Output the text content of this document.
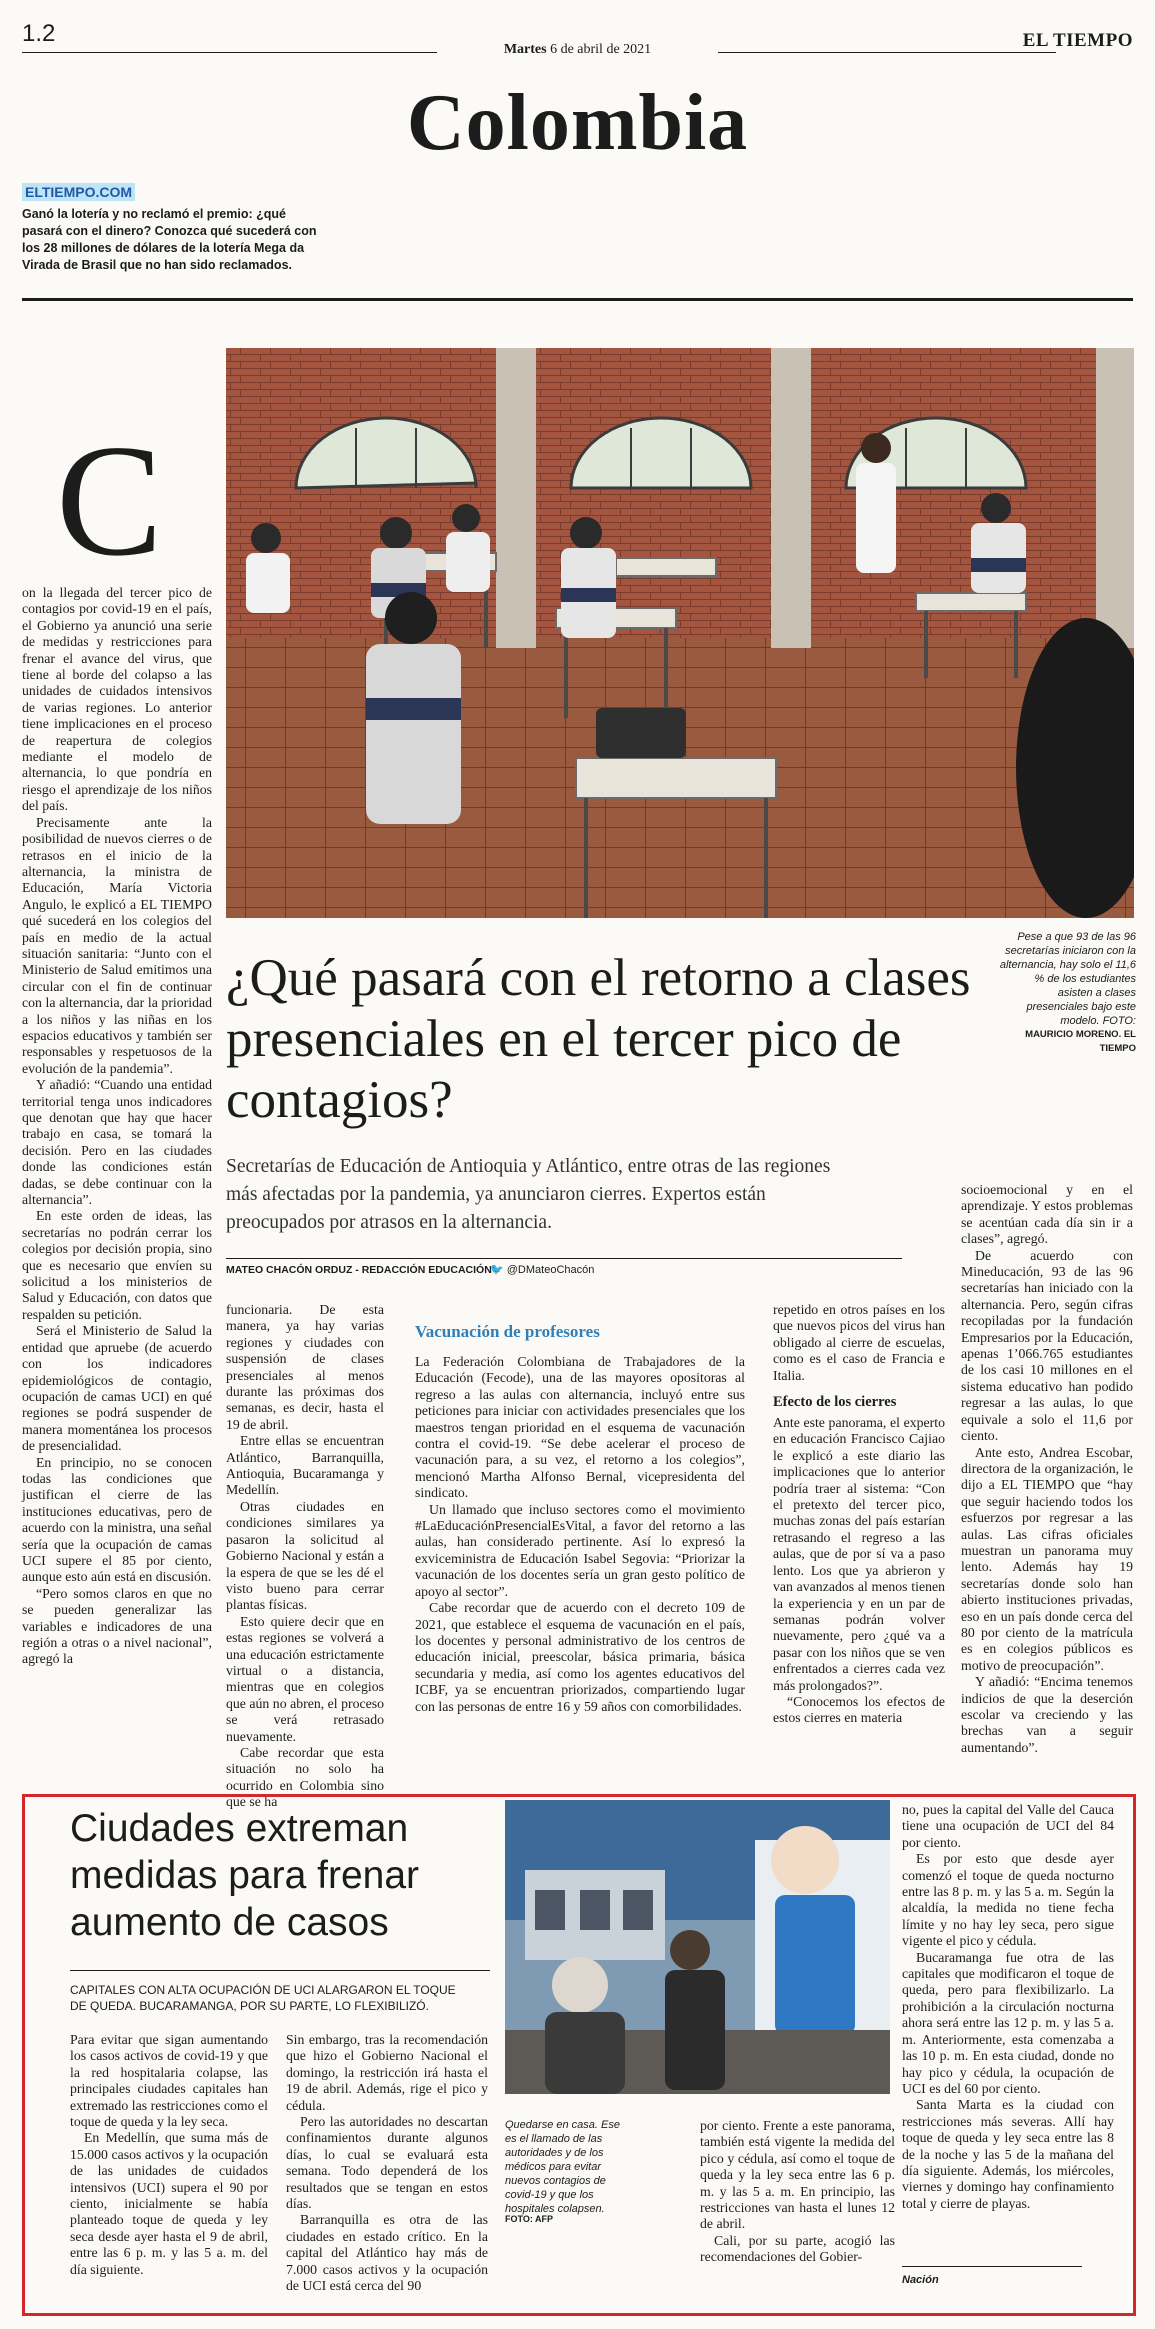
1.2
Martes 6 de abril de 2021	EL TIEMPO
Colombia
ELTIEMPO.COM
Ganó la lotería y no reclamó el premio: ¿qué pasará con el dinero? Conozca qué sucederá con los 28 millones de dólares de la lotería Mega da Virada de Brasil que no han sido reclamados.
Pese a que 93 de las 96 secretarías iniciaron con la alternancia, hay solo el 11,6 % de los estudiantes asisten a clases presenciales bajo este modelo. FOTO:
MAURICIO MORENO. EL TIEMPO
C

on la llegada del tercer pico de contagios por covid-19 en el país, el Gobierno ya anunció una serie de medidas y restricciones para frenar el avance del virus, que tiene al borde del colapso a las unidades de cuidados intensivos de varias regiones. Lo anterior tiene implicaciones en el proceso de reapertura de colegios mediante el modelo de alternancia, lo que pondría en riesgo el aprendizaje de los niños del país.

Precisamente ante la posibilidad de nuevos cierres o de retrasos en el inicio de la alternancia, la ministra de Educación, María Victoria Angulo, le explicó a EL TIEMPO qué sucederá en los colegios del país en medio de la actual situación sanitaria: “Junto con el Ministerio de Salud emitimos una circular con el fin de continuar con la alternancia, dar la prioridad a los niños y las niñas en los espacios educativos y también ser responsables y respetuosos de la evolución de la pandemia”.

Y añadió: “Cuando una entidad territorial tenga unos indicadores que denotan que hay que hacer trabajo en casa, se tomará la decisión. Pero en las ciudades donde las condiciones están dadas, se debe continuar con la alternancia”.

En este orden de ideas, las secretarías no podrán cerrar los colegios por decisión propia, sino que es necesario que envíen su solicitud a los ministerios de Salud y Educación, con datos que respalden su petición.

Será el Ministerio de Salud la entidad que apruebe (de acuerdo con los indicadores epidemiológicos de contagio, ocupación de camas UCI) en qué regiones se podrá suspender de manera momentánea los procesos de presencialidad.

En principio, no se conocen todas las condiciones que justifican el cierre de las instituciones educativas, pero de acuerdo con la ministra, una señal sería que la ocupación de camas UCI supere el 85 por ciento, aunque esto aún está en discusión.

“Pero somos claros en que no se pueden generalizar las variables e indicadores de una región a otras o a nivel nacional”, agregó la

¿Qué pasará con el retorno a clases presenciales en el tercer pico de contagios?
Secretarías de Educación de Antioquia y Atlántico, entre otras de las regiones más afectadas por la pandemia, ya anunciaron cierres. Expertos están preocupados por atrasos en la alternancia.
MATEO CHACÓN ORDUZ - REDACCIÓN EDUCACIÓN
🐦 @DMateoChacón

funcionaria. De esta manera, ya hay varias regiones y ciudades con suspensión de clases presenciales al menos durante las próximas dos semanas, es decir, hasta el 19 de abril.

Entre ellas se encuentran Atlántico, Barranquilla, Antioquia, Bucaramanga y Medellín.

Otras ciudades en condiciones similares ya pasaron la solicitud al Gobierno Nacional y están a la espera de que se les dé el visto bueno para cerrar plantas físicas.

Esto quiere decir que en estas regiones se volverá a una educación estrictamente virtual o a distancia, mientras que en colegios que aún no abren, el proceso se verá retrasado nuevamente.

Cabe recordar que esta situación no solo ha ocurrido en Colombia sino que se ha

Vacunación de profesores

La Federación Colombiana de Trabajadores de la Educación (Fecode), una de las mayores opositoras al regreso a las aulas con alternancia, incluyó entre sus peticiones para iniciar con actividades presenciales que los maestros tengan prioridad en el esquema de vacunación contra el covid-19. “Se debe acelerar el proceso de vacunación para, a su vez, el retorno a los colegios”, mencionó Martha Alfonso Bernal, vicepresidenta del sindicato.

Un llamado que incluso sectores como el movimiento #LaEducaciónPresencialEsVital, a favor del retorno a las aulas, han considerado pertinente. Así lo expresó la exviceministra de Educación Isabel Segovia: “Priorizar la vacunación de los docentes sería un gran gesto político de apoyo al sector”.

Cabe recordar que de acuerdo con el decreto 109 de 2021, que establece el esquema de vacunación en el país, los docentes y personal administrativo de los centros de educación inicial, preescolar, básica primaria, básica secundaria y media, así como los agentes educativos del ICBF, ya se encuentran priorizados, compartiendo lugar con las personas de entre 16 y 59 años con comorbilidades.

repetido en otros países en los que nuevos picos del virus han obligado al cierre de escuelas, como es el caso de Francia e Italia.

Efecto de los cierres

Ante este panorama, el experto en educación Francisco Cajiao le explicó a este diario las implicaciones que lo anterior podría traer al sistema: “Con el pretexto del tercer pico, muchas zonas del país estarían retrasando el regreso a las aulas, que de por sí va a paso lento. Los que ya abrieron y van avanzados al menos tienen la experiencia y en un par de semanas podrán volver nuevamente, pero ¿qué va a pasar con los niños que se ven enfrentados a cierres cada vez más prolongados?”.

“Conocemos los efectos de estos cierres en materia

socioemocional y en el aprendizaje. Y estos problemas se acentúan cada día sin ir a clases”, agregó.

De acuerdo con Mineducación, 93 de las 96 secretarías han iniciado con la alternancia. Pero, según cifras recopiladas por la fundación Empresarios por la Educación, apenas 1’066.765 estudiantes de los casi 10 millones en el sistema educativo han podido regresar a las aulas, lo que equivale a solo el 11,6 por ciento.

Ante esto, Andrea Escobar, directora de la organización, le dijo a EL TIEMPO que “hay que seguir haciendo todos los esfuerzos por regresar a las aulas. Las cifras oficiales muestran un panorama muy lento. Además hay 19 secretarías donde solo han abierto instituciones privadas, eso en un país donde cerca del 80 por ciento de la matrícula es en colegios públicos es motivo de preocupación”.

Y añadió: “Encima tenemos indicios de que la deserción escolar va creciendo y las brechas van a seguir aumentando”.

Ciudades extreman medidas para frenar aumento de casos
CAPITALES CON ALTA OCUPACIÓN DE UCI ALARGARON EL TOQUE DE QUEDA. BUCARAMANGA, POR SU PARTE, LO FLEXIBILIZÓ.

Para evitar que sigan aumentando los casos activos de covid-19 y que la red hospitalaria colapse, las principales ciudades capitales han extremado las restricciones como el toque de queda y la ley seca.

En Medellín, que suma más de 15.000 casos activos y la ocupación de las unidades de cuidados intensivos (UCI) supera el 90 por ciento, inicialmente se había planteado toque de queda y ley seca desde ayer hasta el 9 de abril, entre las 6 p. m. y las 5 a. m. del día siguiente.

Sin embargo, tras la recomendación que hizo el Gobierno Nacional el domingo, la restricción irá hasta el 19 de abril. Además, rige el pico y cédula.

Pero las autoridades no descartan confinamientos durante algunos días, lo cual se evaluará esta semana. Todo dependerá de los resultados que se tengan en estos días.

Barranquilla es otra de las ciudades en estado crítico. En la capital del Atlántico hay más de 7.000 casos activos y la ocupación de UCI está cerca del 90

Quedarse en casa. Ese es el llamado de las autoridades y de los médicos para evitar nuevos contagios de covid-19 y que los hospitales colapsen.
FOTO: AFP

por ciento. Frente a este panorama, también está vigente la medida del pico y cédula, así como el toque de queda y la ley seca entre las 6 p. m. y las 5 a. m. En principio, las restricciones van hasta el lunes 12 de abril.

Cali, por su parte, acogió las recomendaciones del Gobier-

no, pues la capital del Valle del Cauca tiene una ocupación de UCI del 84 por ciento.

Es por esto que desde ayer comenzó el toque de queda nocturno entre las 8 p. m. y las 5 a. m. Según la alcaldía, la medida no tiene fecha límite y no hay ley seca, pero sigue vigente el pico y cédula.

Bucaramanga fue otra de las capitales que modificaron el toque de queda, pero para flexibilizarlo. La prohibición a la circulación nocturna ahora será entre las 12 p. m. y las 5 a. m. Anteriormente, esta comenzaba a las 10 p. m. En esta ciudad, donde no hay pico y cédula, la ocupación de UCI es del 60 por ciento.

Santa Marta es la ciudad con restricciones más severas. Allí hay toque de queda y ley seca entre las 8 de la noche y las 5 de la mañana del día siguiente. Además, los miércoles, viernes y domingo hay confinamiento total y cierre de playas.

Nación
